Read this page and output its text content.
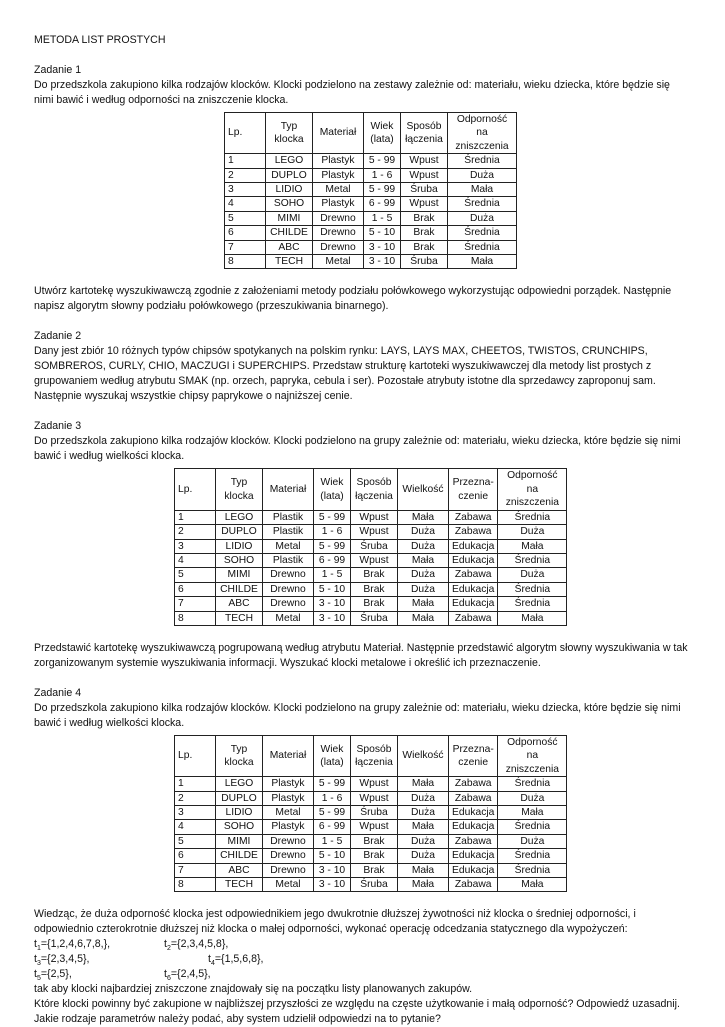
METODA LIST PROSTYCH

Zadanie 1

Do przedszkola zakupiono kilka rodzajów klocków. Klocki podzielono na zestawy zależnie od: materiału, wieku dziecka, które będzie się nimi bawić i według odporności na zniszczenie klocka.

Lp.	Typ klocka	Materiał	Wiek (lata)	Sposób łączenia	Odporność na zniszczenia
1	LEGO	Plastyk	5 - 99	Wpust	Średnia
2	DUPLO	Plastyk	1 - 6	Wpust	Duża
3	LIDIO	Metal	5 - 99	Śruba	Mała
4	SOHO	Plastyk	6 - 99	Wpust	Średnia
5	MIMI	Drewno	1 - 5	Brak	Duża
6	CHILDE	Drewno	5 - 10	Brak	Średnia
7	ABC	Drewno	3 - 10	Brak	Średnia
8	TECH	Metal	3 - 10	Śruba	Mała

Utwórz kartotekę wyszukiwawczą zgodnie z założeniami metody podziału połówkowego wykorzystując odpowiedni porządek. Następnie napisz algorytm słowny podziału połówkowego (przeszukiwania binarnego).

Zadanie 2

Dany jest zbiór 10 różnych typów chipsów spotykanych na polskim rynku: LAYS, LAYS MAX, CHEETOS, TWISTOS, CRUNCHIPS, SOMBREROS, CURLY, CHIO, MACZUGI i SUPERCHIPS. Przedstaw strukturę kartoteki wyszukiwawczej dla metody list prostych z grupowaniem według atrybutu SMAK (np. orzech, papryka, cebula i ser). Pozostałe atrybuty istotne dla sprzedawcy zaproponuj sam. Następnie wyszukaj wszystkie chipsy paprykowe o najniższej cenie.

Zadanie 3

Do przedszkola zakupiono kilka rodzajów klocków. Klocki podzielono na grupy zależnie od: materiału, wieku dziecka, które będzie się nimi bawić i według wielkości klocka.

Lp.	Typ klocka	Materiał	Wiek (lata)	Sposób łączenia	Wielkość	Przezna-czenie	Odporność na zniszczenia
1	LEGO	Plastik	5 - 99	Wpust	Mała	Zabawa	Średnia
2	DUPLO	Plastik	1 - 6	Wpust	Duża	Zabawa	Duża
3	LIDIO	Metal	5 - 99	Śruba	Duża	Edukacja	Mała
4	SOHO	Plastik	6 - 99	Wpust	Mała	Edukacja	Średnia
5	MIMI	Drewno	1 - 5	Brak	Duża	Zabawa	Duża
6	CHILDE	Drewno	5 - 10	Brak	Duża	Edukacja	Średnia
7	ABC	Drewno	3 - 10	Brak	Mała	Edukacja	Średnia
8	TECH	Metal	3 - 10	Śruba	Mała	Zabawa	Mała

Przedstawić kartotekę wyszukiwawczą pogrupowaną według atrybutu Materiał. Następnie przedstawić algorytm słowny wyszukiwania w tak zorganizowanym systemie wyszukiwania informacji. Wyszukać klocki metalowe i określić ich przeznaczenie.

Zadanie 4

Do przedszkola zakupiono kilka rodzajów klocków. Klocki podzielono na grupy zależnie od: materiału, wieku dziecka, które będzie się nimi bawić i według wielkości klocka.

Lp.	Typ klocka	Materiał	Wiek (lata)	Sposób łączenia	Wielkość	Przezna-czenie	Odporność na zniszczenia
1	LEGO	Plastyk	5 - 99	Wpust	Mała	Zabawa	Średnia
2	DUPLO	Plastyk	1 - 6	Wpust	Duża	Zabawa	Duża
3	LIDIO	Metal	5 - 99	Śruba	Duża	Edukacja	Mała
4	SOHO	Plastyk	6 - 99	Wpust	Mała	Edukacja	Średnia
5	MIMI	Drewno	1 - 5	Brak	Duża	Zabawa	Duża
6	CHILDE	Drewno	5 - 10	Brak	Duża	Edukacja	Średnia
7	ABC	Drewno	3 - 10	Brak	Mała	Edukacja	Średnia
8	TECH	Metal	3 - 10	Śruba	Mała	Zabawa	Mała

Wiedząc, że duża odporność klocka jest odpowiednikiem jego dwukrotnie dłuższej żywotności niż klocka o średniej odporności, i odpowiednio czterokrotnie dłuższej niż klocka o małej odporności, wykonać operację odcedzania statycznego dla wypożyczeń:

$t_1=\{1,2,4,6,7,8,\}$,	$t_2=\{2,3,4,5,8\}$,
$t_3=\{2,3,4,5\}$,	$t_4=\{1,5,6,8\}$,
$t_5=\{2,5\}$,	$t_6=\{2,4,5\}$,
tak aby klocki najbardziej zniszczone znajdowały się na początku listy planowanych zakupów.

Które klocki powinny być zakupione w najbliższej przyszłości ze względu na częste użytkowanie i małą odporność? Odpowiedź uzasadnij. Jakie rodzaje parametrów należy podać, aby system udzielił odpowiedzi na to pytanie?
